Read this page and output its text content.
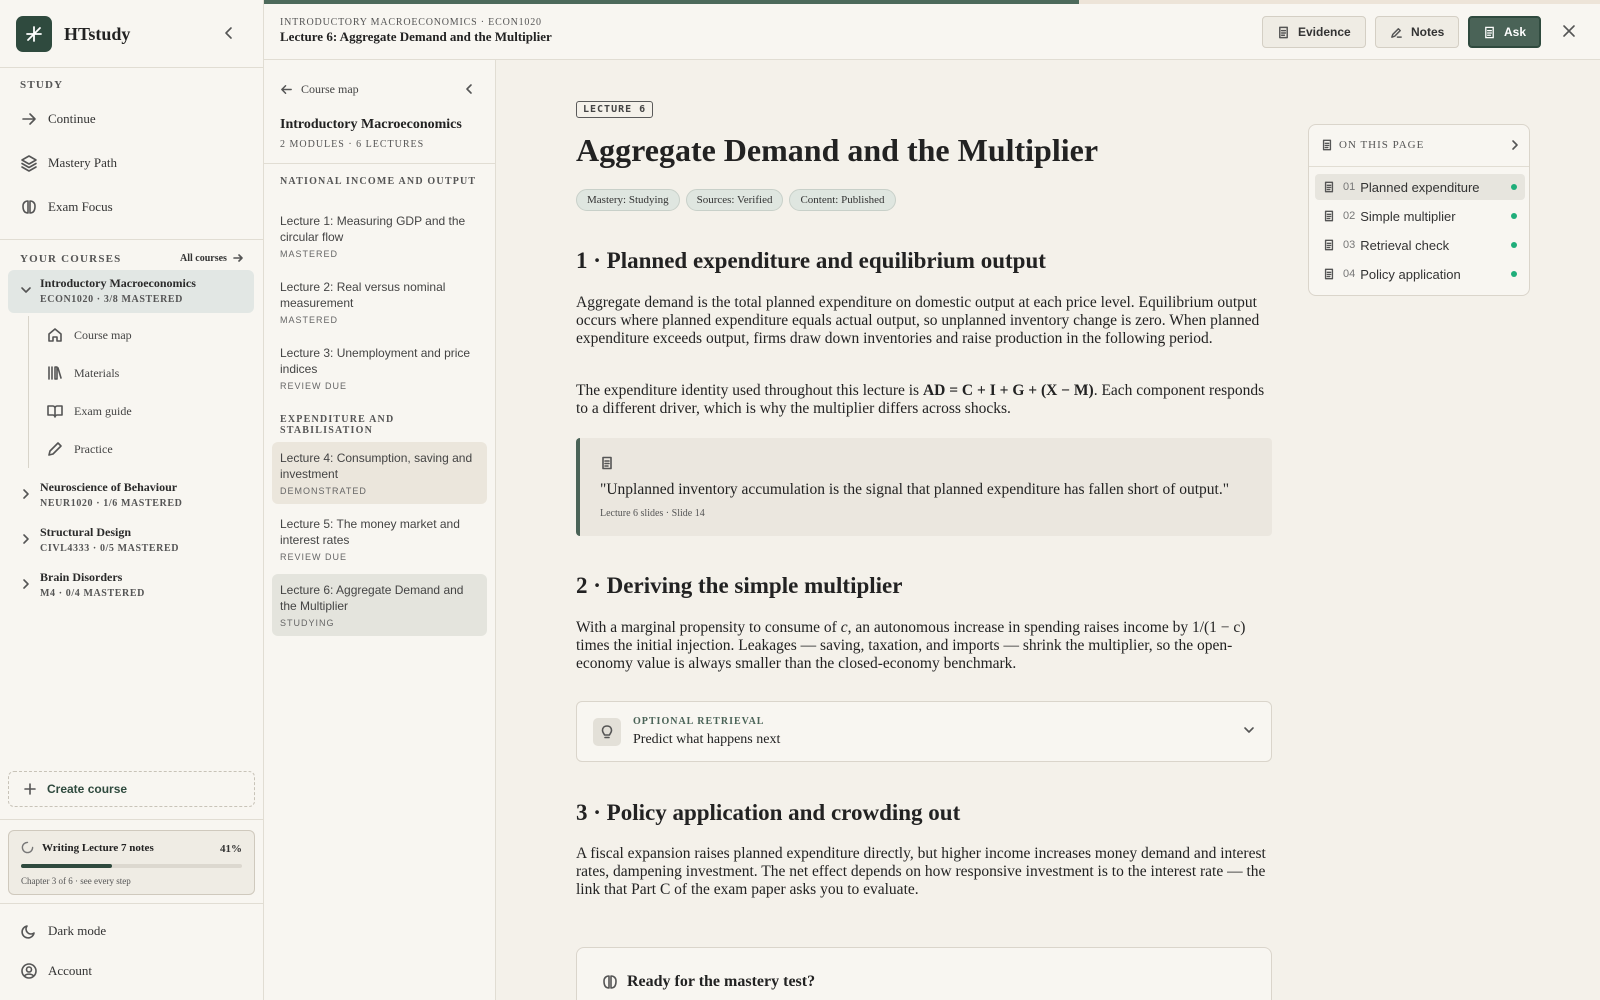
HTstudy
STUDY
Continue
Mastery Path
Exam Focus
YOUR COURSES	All courses
Introductory Macroeconomics
ECON1020 · 3/8 MASTERED
Course map
Materials
Exam guide
Practice
Neuroscience of Behaviour
NEUR1020 · 1/6 MASTERED
Structural Design
CIVL4333 · 0/5 MASTERED
Brain Disorders
M4 · 0/4 MASTERED
Create course
Writing Lecture 7 notes	41%
Chapter 3 of 6 · see every step
Dark mode
Account
INTRODUCTORY MACROECONOMICS · ECON1020
Lecture 6: Aggregate Demand and the Multiplier	Evidence	Notes	Ask
Course map
Introductory Macroeconomics
2 MODULES · 6 LECTURES
NATIONAL INCOME AND OUTPUT
Lecture 1: Measuring GDP and the circular flow
MASTERED
Lecture 2: Real versus nominal measurement
MASTERED
Lecture 3: Unemployment and price indices
REVIEW DUE
EXPENDITURE AND STABILISATION
Lecture 4: Consumption, saving and investment
DEMONSTRATED
Lecture 5: The money market and interest rates
REVIEW DUE
Lecture 6: Aggregate Demand and the Multiplier
STUDYING
LECTURE 6
Aggregate Demand and the Multiplier
Mastery: Studying	Sources: Verified	Content: Published
1 · Planned expenditure and equilibrium output
Aggregate demand is the total planned expenditure on domestic output at each price level. Equilibrium output occurs where planned expenditure equals actual output, so unplanned inventory change is zero. When planned expenditure exceeds output, firms draw down inventories and raise production in the following period.
The expenditure identity used throughout this lecture is AD = C + I + G + (X − M). Each component responds to a different driver, which is why the multiplier differs across shocks.
"Unplanned inventory accumulation is the signal that planned expenditure has fallen short of output."
Lecture 6 slides · Slide 14
2 · Deriving the simple multiplier
With a marginal propensity to consume of c, an autonomous increase in spending raises income by 1/(1 − c) times the initial injection. Leakages — saving, taxation, and imports — shrink the multiplier, so the open-economy value is always smaller than the closed-economy benchmark.
OPTIONAL RETRIEVAL
Predict what happens next
3 · Policy application and crowding out
A fiscal expansion raises planned expenditure directly, but higher income increases money demand and interest rates, dampening investment. The net effect depends on how responsive investment is to the interest rate — the link that Part C of the exam paper asks you to evaluate.
Ready for the mastery test?
ON THIS PAGE
01 Planned expenditure
02 Simple multiplier
03 Retrieval check
04 Policy application
